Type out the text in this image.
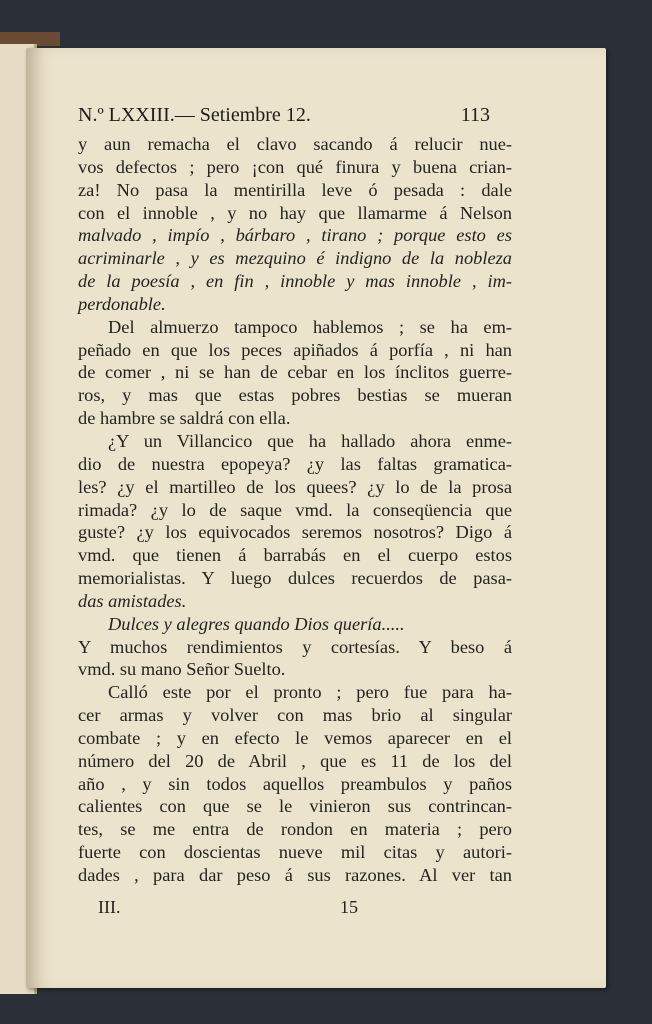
N.º LXXIII.— Setiembre 12.	113
y aun remacha el clavo sacando á relucir nue-
vos defectos ; pero ¡con qué finura y buena crian-
za! No pasa la mentirilla leve ó pesada : dale
con el innoble , y no hay que llamarme á Nelson
malvado , impío , bárbaro , tirano ; porque esto es
acriminarle , y es mezquino é indigno de la nobleza
de la poesía , en fin , innoble y mas innoble , im-
perdonable.
Del almuerzo tampoco hablemos ; se ha em-
peñado en que los peces apiñados á porfía , ni han
de comer , ni se han de cebar en los ínclitos guerre-
ros, y mas que estas pobres bestias se mueran
de hambre se saldrá con ella.
¿Y un Villancico que ha hallado ahora enme-
dio de nuestra epopeya? ¿y las faltas gramatica-
les? ¿y el martilleo de los quees? ¿y lo de la prosa
rimada? ¿y lo de saque vmd. la conseqüencia que
guste? ¿y los equivocados seremos nosotros? Digo á
vmd. que tienen á barrabás en el cuerpo estos
memorialistas. Y luego dulces recuerdos de pasa-
das amistades.
Dulces y alegres quando Dios quería.....
Y muchos rendimientos y cortesías. Y beso á
vmd. su mano Señor Suelto.
Calló este por el pronto ; pero fue para ha-
cer armas y volver con mas brio al singular
combate ; y en efecto le vemos aparecer en el
número del 20 de Abril , que es 11 de los del
año , y sin todos aquellos preambulos y paños
calientes con que se le vinieron sus contrincan-
tes, se me entra de rondon en materia ; pero
fuerte con doscientas nueve mil citas y autori-
dades , para dar peso á sus razones. Al ver tan
III.	15
